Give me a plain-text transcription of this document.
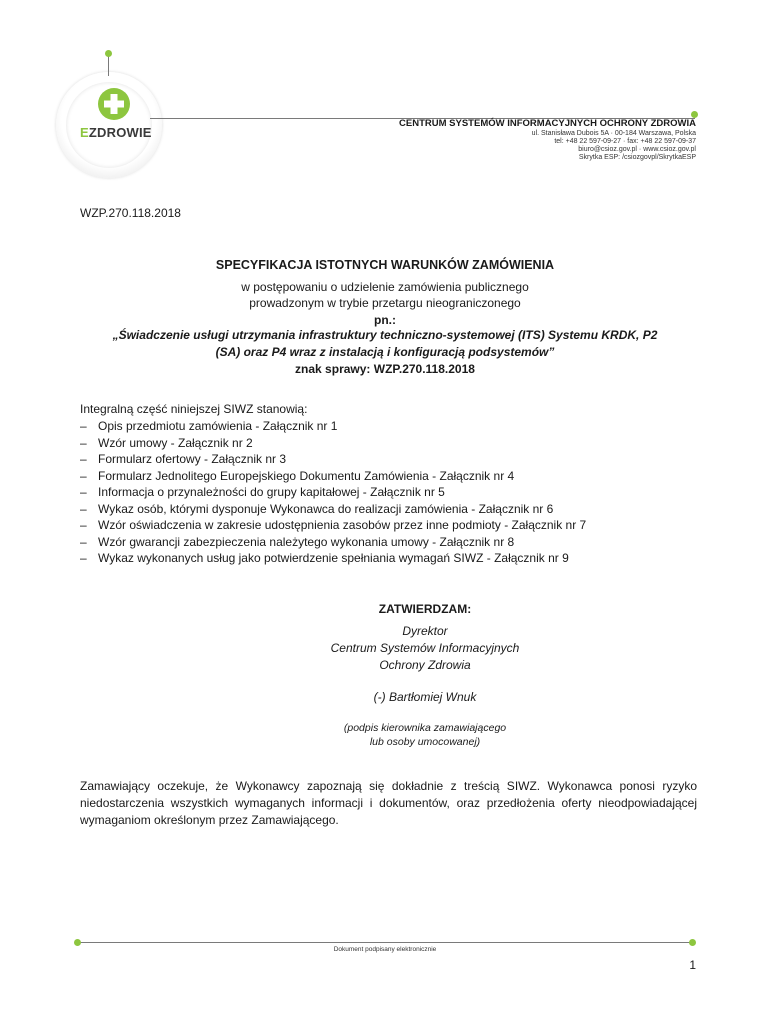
EZDROWIE
CENTRUM SYSTEMÓW INFORMACYJNYCH OCHRONY ZDROWIA
ul. Stanisława Dubois 5A · 00-184 Warszawa, Polska
tel: +48 22 597-09-27 · fax: +48 22 597-09-37
biuro@csioz.gov.pl · www.csioz.gov.pl
Skrytka ESP: /csiozgovpl/SkrytkaESP
WZP.270.118.2018
SPECYFIKACJA ISTOTNYCH WARUNKÓW ZAMÓWIENIA
w postępowaniu o udzielenie zamówienia publicznego
prowadzonym w trybie przetargu nieograniczonego
pn.:
„Świadczenie usługi utrzymania infrastruktury techniczno-systemowej (ITS) Systemu KRDK, P2
(SA) oraz P4 wraz z instalacją i konfiguracją podsystemów”
znak sprawy: WZP.270.118.2018
Integralną część niniejszej SIWZ stanowią:
– Opis przedmiotu zamówienia - Załącznik nr 1
– Wzór umowy - Załącznik nr 2
– Formularz ofertowy - Załącznik nr 3
– Formularz Jednolitego Europejskiego Dokumentu Zamówienia - Załącznik nr 4
– Informacja o przynależności do grupy kapitałowej - Załącznik nr 5
– Wykaz osób, którymi dysponuje Wykonawca do realizacji zamówienia - Załącznik nr 6
– Wzór oświadczenia w zakresie udostępnienia zasobów przez inne podmioty - Załącznik nr 7
– Wzór gwarancji zabezpieczenia należytego wykonania umowy - Załącznik nr 8
– Wykaz wykonanych usług jako potwierdzenie spełniania wymagań SIWZ - Załącznik nr 9
ZATWIERDZAM:
Dyrektor
Centrum Systemów Informacyjnych
Ochrony Zdrowia
(-) Bartłomiej Wnuk
(podpis kierownika zamawiającego
lub osoby umocowanej)
Zamawiający oczekuje, że Wykonawcy zapoznają się dokładnie z treścią SIWZ. Wykonawca ponosi ryzyko niedostarczenia wszystkich wymaganych informacji i dokumentów, oraz przedłożenia oferty nieodpowiadającej wymaganiom określonym przez Zamawiającego.
Dokument podpisany elektronicznie
1
